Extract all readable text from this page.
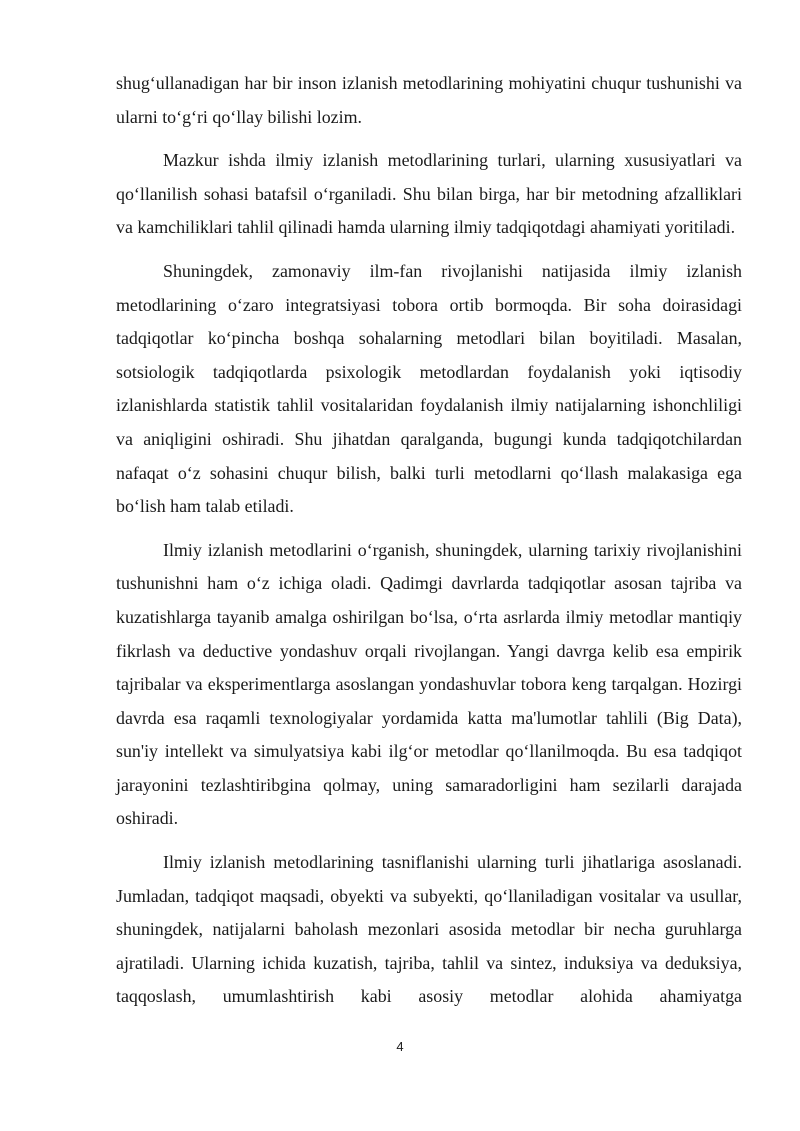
shug‘ullanadigan har bir inson izlanish metodlarining mohiyatini chuqur tushunishi va ularni to‘g‘ri qo‘llay bilishi lozim.

Mazkur ishda ilmiy izlanish metodlarining turlari, ularning xususiyatlari va qo‘llanilish sohasi batafsil o‘rganiladi. Shu bilan birga, har bir metodning afzalliklari va kamchiliklari tahlil qilinadi hamda ularning ilmiy tadqiqotdagi ahamiyati yoritiladi.

Shuningdek, zamonaviy ilm-fan rivojlanishi natijasida ilmiy izlanish metodlarining o‘zaro integratsiyasi tobora ortib bormoqda. Bir soha doirasidagi tadqiqotlar ko‘pincha boshqa sohalarning metodlari bilan boyitiladi. Masalan, sotsiologik tadqiqotlarda psixologik metodlardan foydalanish yoki iqtisodiy izlanishlarda statistik tahlil vositalaridan foydalanish ilmiy natijalarning ishonchliligi va aniqligini oshiradi. Shu jihatdan qaralganda, bugungi kunda tadqiqotchilardan nafaqat o‘z sohasini chuqur bilish, balki turli metodlarni qo‘llash malakasiga ega bo‘lish ham talab etiladi.

Ilmiy izlanish metodlarini o‘rganish, shuningdek, ularning tarixiy rivojlanishini tushunishni ham o‘z ichiga oladi. Qadimgi davrlarda tadqiqotlar asosan tajriba va kuzatishlarga tayanib amalga oshirilgan bo‘lsa, o‘rta asrlarda ilmiy metodlar mantiqiy fikrlash va deductive yondashuv orqali rivojlangan. Yangi davrga kelib esa empirik tajribalar va eksperimentlarga asoslangan yondashuvlar tobora keng tarqalgan. Hozirgi davrda esa raqamli texnologiyalar yordamida katta ma'lumotlar tahlili (Big Data), sun'iy intellekt va simulyatsiya kabi ilg‘or metodlar qo‘llanilmoqda. Bu esa tadqiqot jarayonini tezlashtiribgina qolmay, uning samaradorligini ham sezilarli darajada oshiradi.

Ilmiy izlanish metodlarining tasniflanishi ularning turli jihatlariga asoslanadi. Jumladan, tadqiqot maqsadi, obyekti va subyekti, qo‘llaniladigan vositalar va usullar, shuningdek, natijalarni baholash mezonlari asosida metodlar bir necha guruhlarga ajratiladi. Ularning ichida kuzatish, tajriba, tahlil va sintez, induksiya va deduksiya, taqqoslash, umumlashtirish kabi asosiy metodlar alohida ahamiyatga

4
